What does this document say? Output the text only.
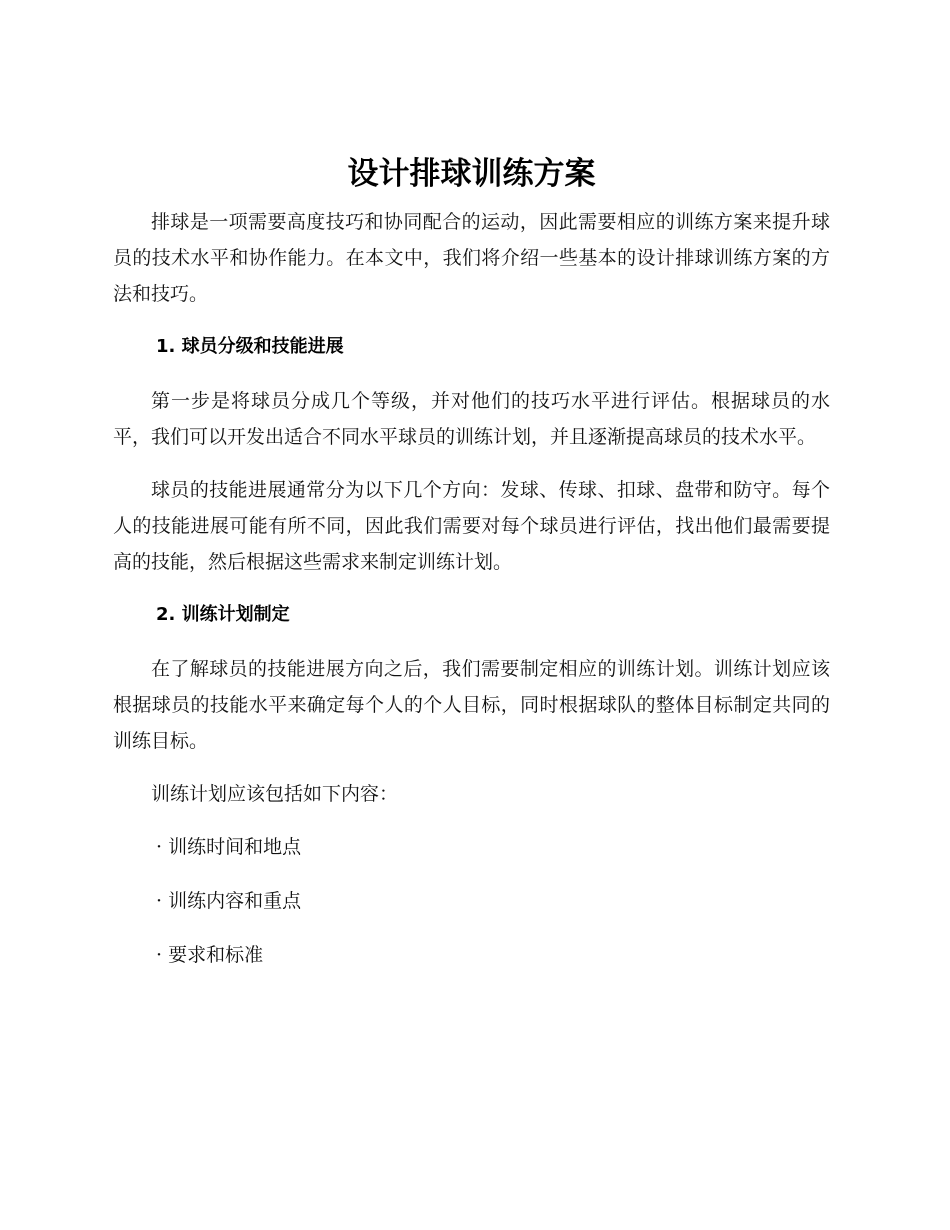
设计排球训练方案

排球是一项需要高度技巧和协同配合的运动，因此需要相应的训练方案来提升球员的技术水平和协作能力。在本文中，我们将介绍一些基本的设计排球训练方案的方法和技巧。

1. 球员分级和技能进展

第一步是将球员分成几个等级，并对他们的技巧水平进行评估。根据球员的水平，我们可以开发出适合不同水平球员的训练计划，并且逐渐提高球员的技术水平。

球员的技能进展通常分为以下几个方向：发球、传球、扣球、盘带和防守。每个人的技能进展可能有所不同，因此我们需要对每个球员进行评估，找出他们最需要提高的技能，然后根据这些需求来制定训练计划。

2. 训练计划制定

在了解球员的技能进展方向之后，我们需要制定相应的训练计划。训练计划应该根据球员的技能水平来确定每个人的个人目标，同时根据球队的整体目标制定共同的训练目标。

训练计划应该包括如下内容：

· 训练时间和地点
· 训练内容和重点
· 要求和标准
